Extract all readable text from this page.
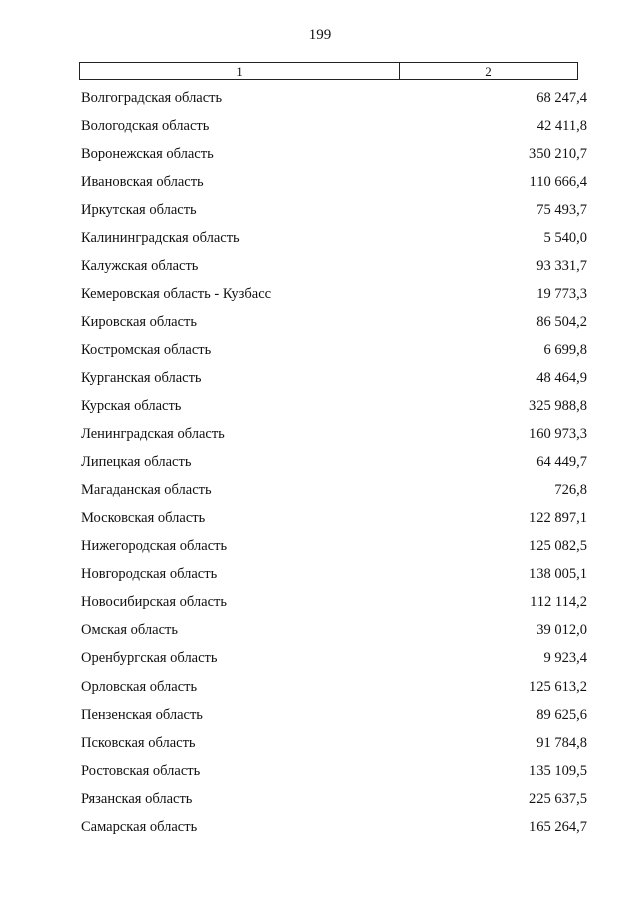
199
1	2
Волгоградская область	68 247,4
Вологодская область	42 411,8
Воронежская область	350 210,7
Ивановская область	110 666,4
Иркутская область	75 493,7
Калининградская область	5 540,0
Калужская область	93 331,7
Кемеровская область - Кузбасс	19 773,3
Кировская область	86 504,2
Костромская область	6 699,8
Курганская область	48 464,9
Курская область	325 988,8
Ленинградская область	160 973,3
Липецкая область	64 449,7
Магаданская область	726,8
Московская область	122 897,1
Нижегородская область	125 082,5
Новгородская область	138 005,1
Новосибирская область	112 114,2
Омская область	39 012,0
Оренбургская область	9 923,4
Орловская область	125 613,2
Пензенская область	89 625,6
Псковская область	91 784,8
Ростовская область	135 109,5
Рязанская область	225 637,5
Самарская область	165 264,7
